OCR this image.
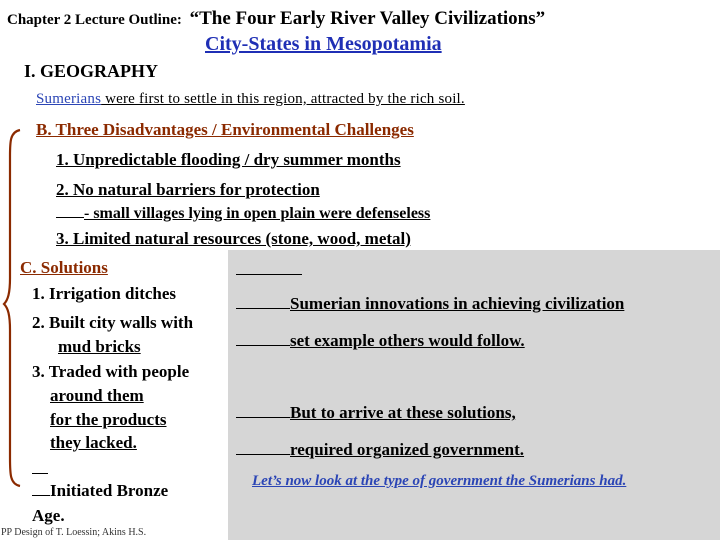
Chapter 2 Lecture Outline: “The Four Early River Valley Civilizations”
City-States in Mesopotamia
I. GEOGRAPHY
Sumerians were first to settle in this region, attracted by the rich soil.
B. Three Disadvantages / Environmental Challenges
1. Unpredictable flooding / dry summer months
2. No natural barriers for protection
- small villages lying in open plain were defenseless
3. Limited natural resources (stone, wood, metal)
C. Solutions
1. Irrigation ditches
2. Built city walls with
mud bricks
3. Traded with people
around them
for the products
they lacked.
Initiated Bronze
Age.
Sumerian innovations in achieving civilization
set example others would follow.
But to arrive at these solutions,
required organized government.
Let’s now look at the type of government the Sumerians had.
PP Design of T. Loessin; Akins H.S.
